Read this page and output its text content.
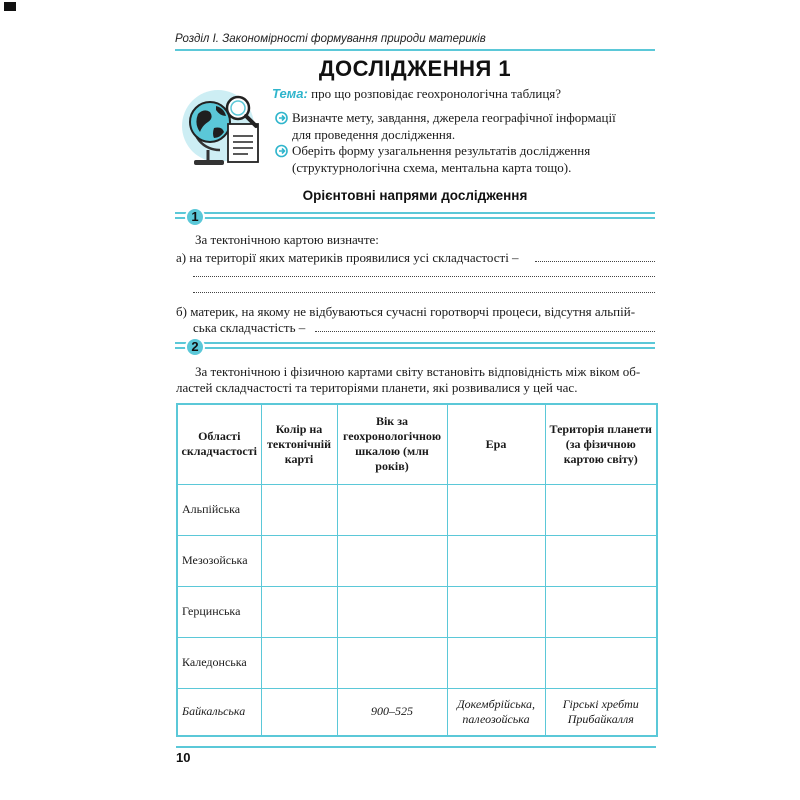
Розділ І. Закономірності формування природи материків
ДОСЛІДЖЕННЯ 1
Тема: про що розповідає геохронологічна таблиця?
Визначте мету, завдання, джерела географічної інформації
для проведення дослідження.
Оберіть форму узагальнення результатів дослідження
(структурнологічна схема, ментальна карта тощо).
Орієнтовні напрями дослідження
1
За тектонічною картою визначте:
а) на території яких материків проявилися усі складчастості –
б) материк, на якому не відбуваються сучасні горотворчі процеси, відсутня альпій-
ська складчастість –
2
За тектонічною і фізичною картами світу встановіть відповідність між віком об-
ластей складчастості та територіями планети, які розвивалися у цей час.
Області складчастості	Колір на тектонічній карті	Вік за геохронологічною шкалою (млн років)	Ера	Територія планети (за фізичною картою світу)
Альпійська				
Мезозойська				
Герцинська				
Каледонська				
Байкальська		900–525	Докембрійська, палеозойська	Гірські хребти Прибайкалля
10
